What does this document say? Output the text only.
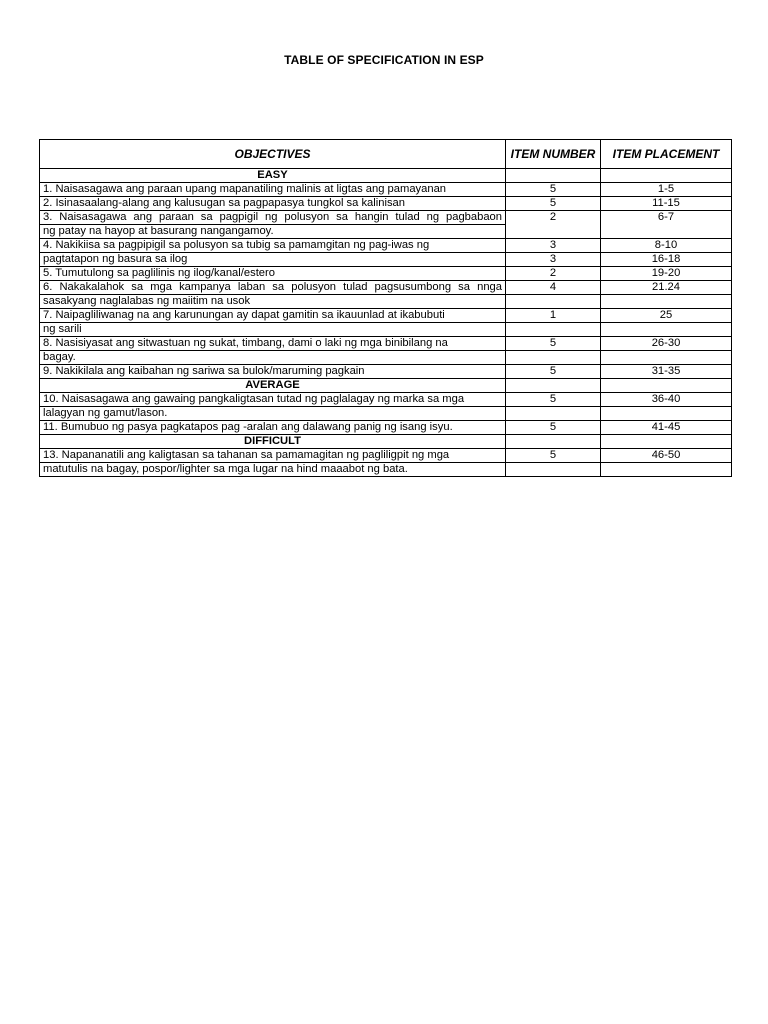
TABLE OF SPECIFICATION IN ESP
OBJECTIVES	ITEM NUMBER	ITEM PLACEMENT
EASY		
1. Naisasagawa ang paraan upang mapanatiling malinis at ligtas ang pamayanan	5	1-5
2. Isinasaalang-alang ang kalusugan sa pagpapasya tungkol sa kalinisan	5	11-15
3. Naisasagawa ang paraan sa pagpigil ng polusyon sa hangin tulad ng pagbabaon	2	6-7
ng patay na hayop at basurang nangangamoy.		
4. Nakikiisa sa pagpipigil sa polusyon sa tubig sa pamamgitan ng pag-iwas ng	3	8-10
pagtatapon ng basura sa ilog	3	16-18
5. Tumutulong sa paglilinis ng ilog/kanal/estero	2	19-20
6. Nakakalahok sa mga kampanya laban sa polusyon tulad pagsusumbong sa nnga	4	21.24
sasakyang naglalabas ng maiitim na usok		
7. Naipagliliwanag na ang karunungan ay dapat gamitin sa ikauunlad at ikabubuti	1	25
ng sarili		
8. Nasisiyasat ang sitwastuan ng sukat, timbang, dami o laki ng mga binibilang na	5	26-30
bagay.		
9. Nakikilala ang kaibahan ng sariwa sa bulok/maruming pagkain	5	31-35
AVERAGE		
10. Naisasagawa ang gawaing pangkaligtasan tutad ng paglalagay ng marka sa mga	5	36-40
lalagyan ng gamut/lason.		
11. Bumubuo ng pasya pagkatapos pag -aralan ang dalawang panig ng isang isyu.	5	41-45
DIFFICULT		
13. Napananatili ang kaligtasan sa tahanan sa pamamagitan ng pagliligpit ng mga	5	46-50
matutulis na bagay, pospor/lighter sa mga lugar na hind maaabot ng bata.		
